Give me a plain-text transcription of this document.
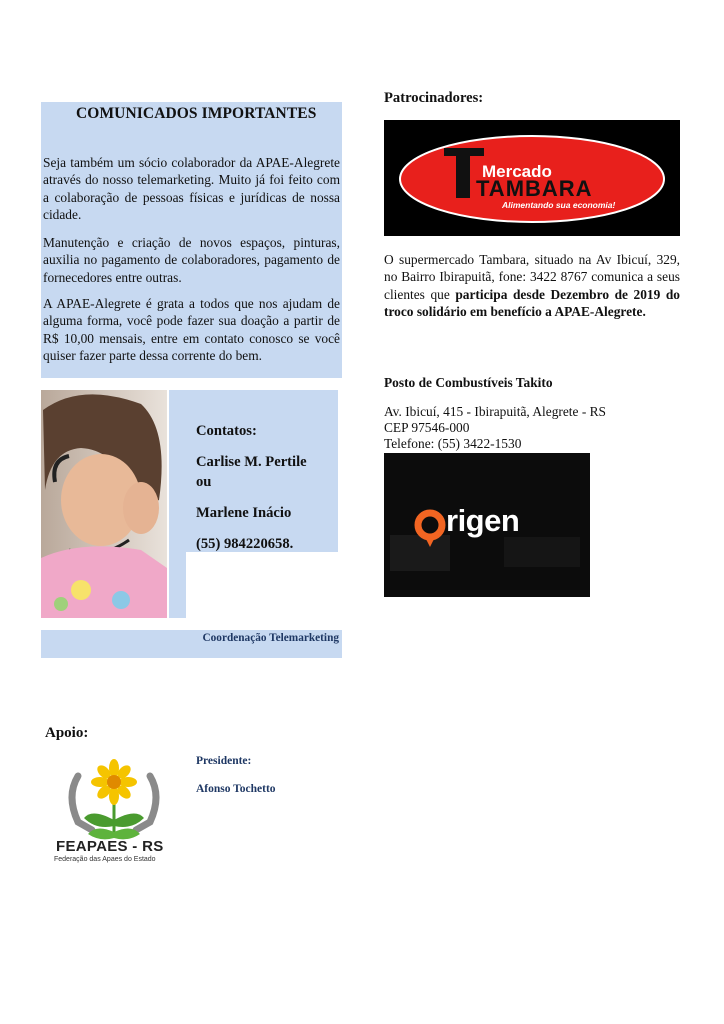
COMUNICADOS IMPORTANTES

Seja também um sócio colaborador da APAE-Alegrete através do nosso telemarketing. Muito já foi feito com a colaboração de pessoas físicas e jurídicas de nossa cidade.

Manutenção e criação de novos espaços, pinturas, auxilia no pagamento de colaboradores, pagamento de fornecedores entre outras.

A APAE-Alegrete é grata a todos que nos ajudam de alguma forma, você pode fazer sua doação a partir de R$ 10,00 mensais, entre em contato conosco se você quiser fazer parte dessa corrente do bem.

Contatos:
Carlise M. Pertile
ou
Marlene Inácio
(55) 984220658.
Coordenação Telemarketing
Patrocinadores:
Mercado
TAMBARA
Alimentando sua economia!

O supermercado Tambara, situado na Av Ibicuí, 329, no Bairro Ibirapuitã, fone: 3422 8767 comunica a seus clientes que participa desde Dezembro de 2019 do troco solidário em benefício a APAE-Alegrete.

Posto de Combustíveis Takito
Av. Ibicuí, 415 - Ibirapuitã, Alegrete - RS
CEP 97546-000
Telefone: (55) 3422-1530
rigen
Apoio:
FEAPAES - RS
Federação das Apaes do Estado
Presidente:
Afonso Tochetto
